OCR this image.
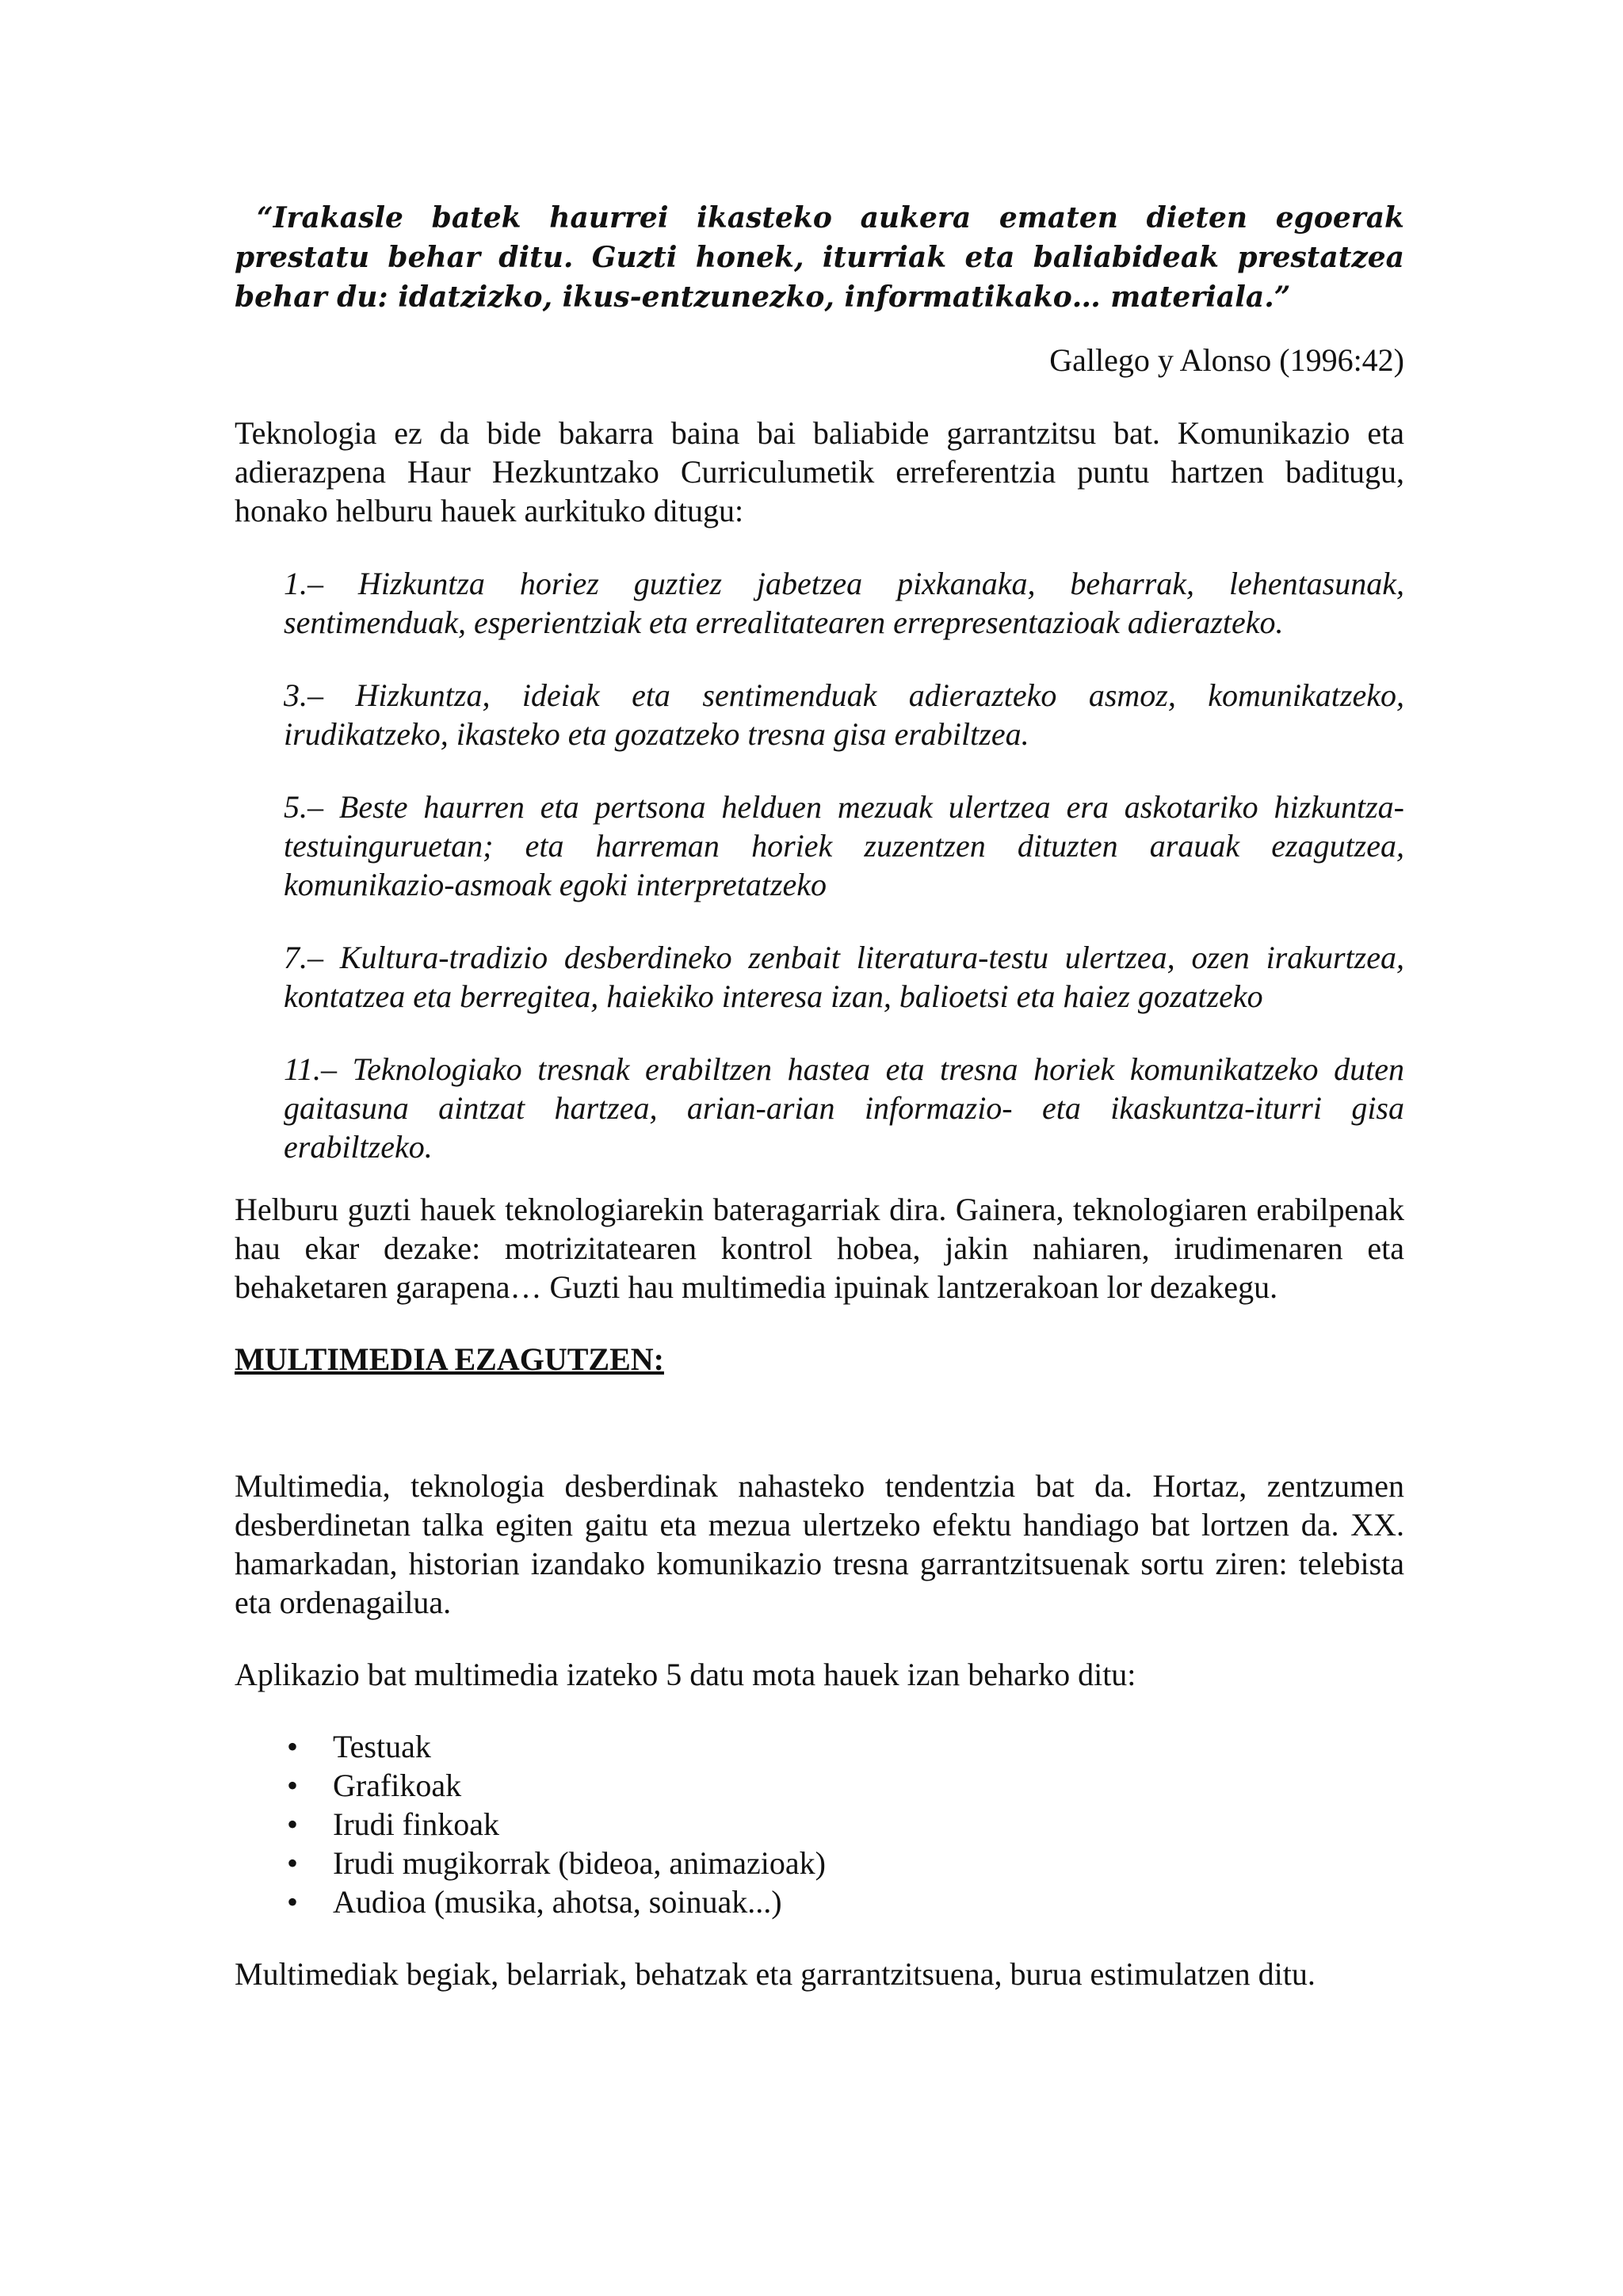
“Irakasle batek haurrei ikasteko aukera ematen dieten egoerak prestatu behar ditu. Guzti honek, iturriak eta baliabideak prestatzea behar du: idatzizko, ikus-entzunezko, informatikako… materiala.”

Gallego y Alonso (1996:42)

Teknologia ez da bide bakarra baina bai baliabide garrantzitsu bat. Komunikazio eta adierazpena Haur Hezkuntzako Curriculumetik erreferentzia puntu hartzen baditugu, honako helburu hauek aurkituko ditugu:

1.– Hizkuntza horiez guztiez jabetzea pixkanaka, beharrak, lehentasunak, sentimenduak, esperientziak eta errealitatearen errepresentazioak adierazteko.
3.– Hizkuntza, ideiak eta sentimenduak adierazteko asmoz, komunikatzeko, irudikatzeko, ikasteko eta gozatzeko tresna gisa erabiltzea.
5.– Beste haurren eta pertsona helduen mezuak ulertzea era askotariko hizkuntza-testuinguruetan; eta harreman horiek zuzentzen dituzten arauak ezagutzea, komunikazio-asmoak egoki interpretatzeko
7.– Kultura-tradizio desberdineko zenbait literatura-testu ulertzea, ozen irakurtzea, kontatzea eta berregitea, haiekiko interesa izan, balioetsi eta haiez gozatzeko
11.– Teknologiako tresnak erabiltzen hastea eta tresna horiek komunikatzeko duten gaitasuna aintzat hartzea, arian-arian informazio- eta ikaskuntza-iturri gisa erabiltzeko.

Helburu guzti hauek teknologiarekin bateragarriak dira. Gainera, teknologiaren erabilpenak hau ekar dezake: motrizitatearen kontrol hobea, jakin nahiaren, irudimenaren eta behaketaren garapena… Guzti hau multimedia ipuinak lantzerakoan lor dezakegu.

MULTIMEDIA EZAGUTZEN:

Multimedia, teknologia desberdinak nahasteko tendentzia bat da. Hortaz, zentzumen desberdinetan talka egiten gaitu eta mezua ulertzeko efektu handiago bat lortzen da. XX. hamarkadan, historian izandako komunikazio tresna garrantzitsuenak sortu ziren: telebista eta ordenagailua.

Aplikazio bat multimedia izateko 5 datu mota hauek izan beharko ditu:

• Testuak
• Grafikoak
• Irudi finkoak
• Irudi mugikorrak (bideoa, animazioak)
• Audioa (musika, ahotsa, soinuak...)

Multimediak begiak, belarriak, behatzak eta garrantzitsuena, burua estimulatzen ditu.
